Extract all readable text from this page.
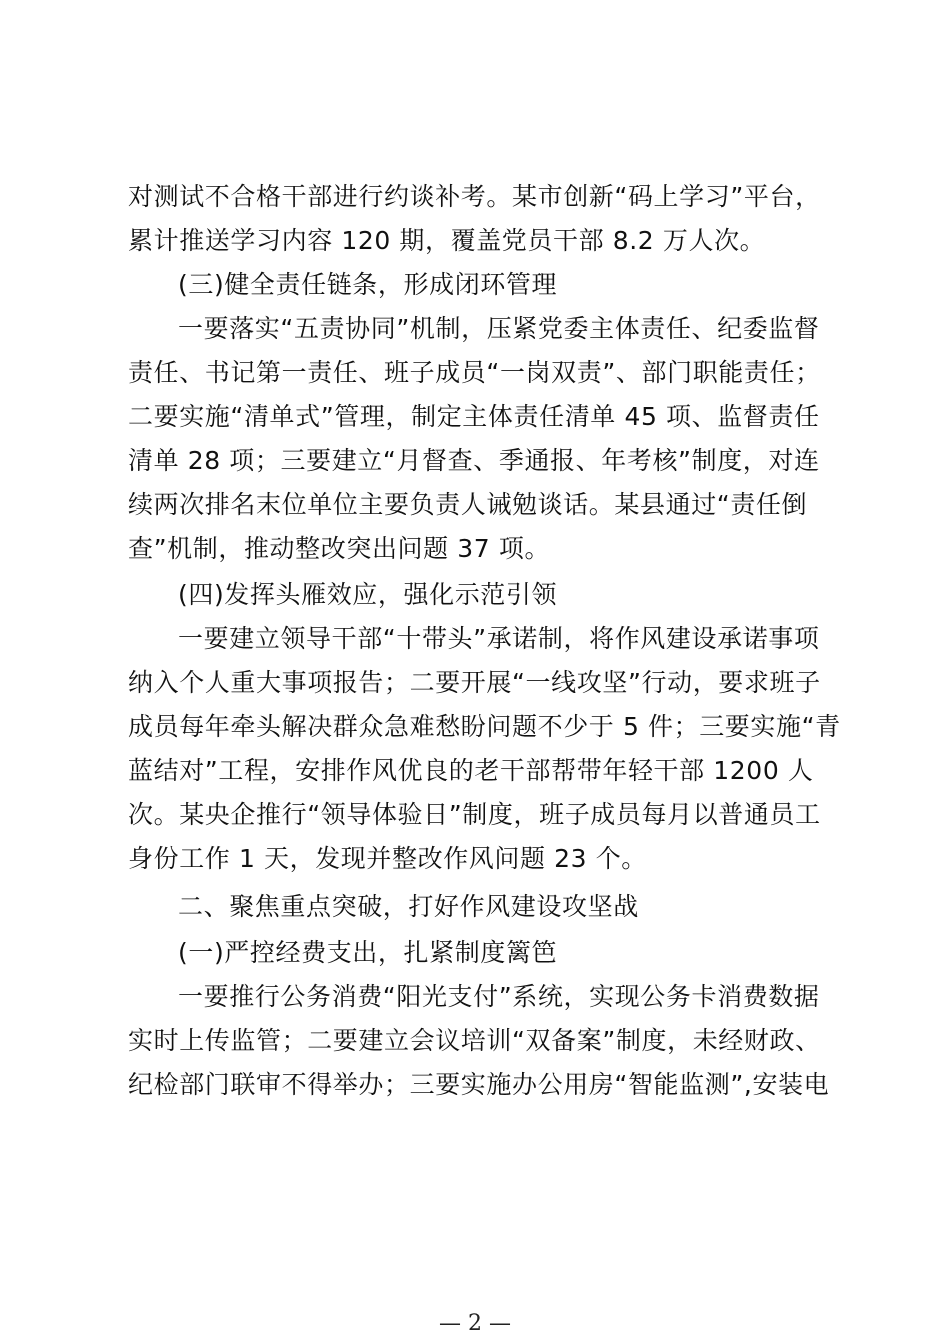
对测试不合格干部进行约谈补考。某市创新“码上学习”平台，
累计推送学习内容 120 期，覆盖党员干部 8.2 万人次。
(三)健全责任链条，形成闭环管理
一要落实“五责协同”机制，压紧党委主体责任、纪委监督
责任、书记第一责任、班子成员“一岗双责”、部门职能责任；
二要实施“清单式”管理，制定主体责任清单 45 项、监督责任
清单 28 项；三要建立“月督查、季通报、年考核”制度，对连
续两次排名末位单位主要负责人诫勉谈话。某县通过“责任倒
查”机制，推动整改突出问题 37 项。
(四)发挥头雁效应，强化示范引领
一要建立领导干部“十带头”承诺制，将作风建设承诺事项
纳入个人重大事项报告；二要开展“一线攻坚”行动，要求班子
成员每年牵头解决群众急难愁盼问题不少于 5 件；三要实施“青
蓝结对”工程，安排作风优良的老干部帮带年轻干部 1200 人
次。某央企推行“领导体验日”制度，班子成员每月以普通员工
身份工作 1 天，发现并整改作风问题 23 个。
二、聚焦重点突破，打好作风建设攻坚战
(一)严控经费支出，扎紧制度篱笆
一要推行公务消费“阳光支付”系统，实现公务卡消费数据
实时上传监管；二要建立会议培训“双备案”制度，未经财政、
纪检部门联审不得举办；三要实施办公用房“智能监测”,安装电
— 2 —
